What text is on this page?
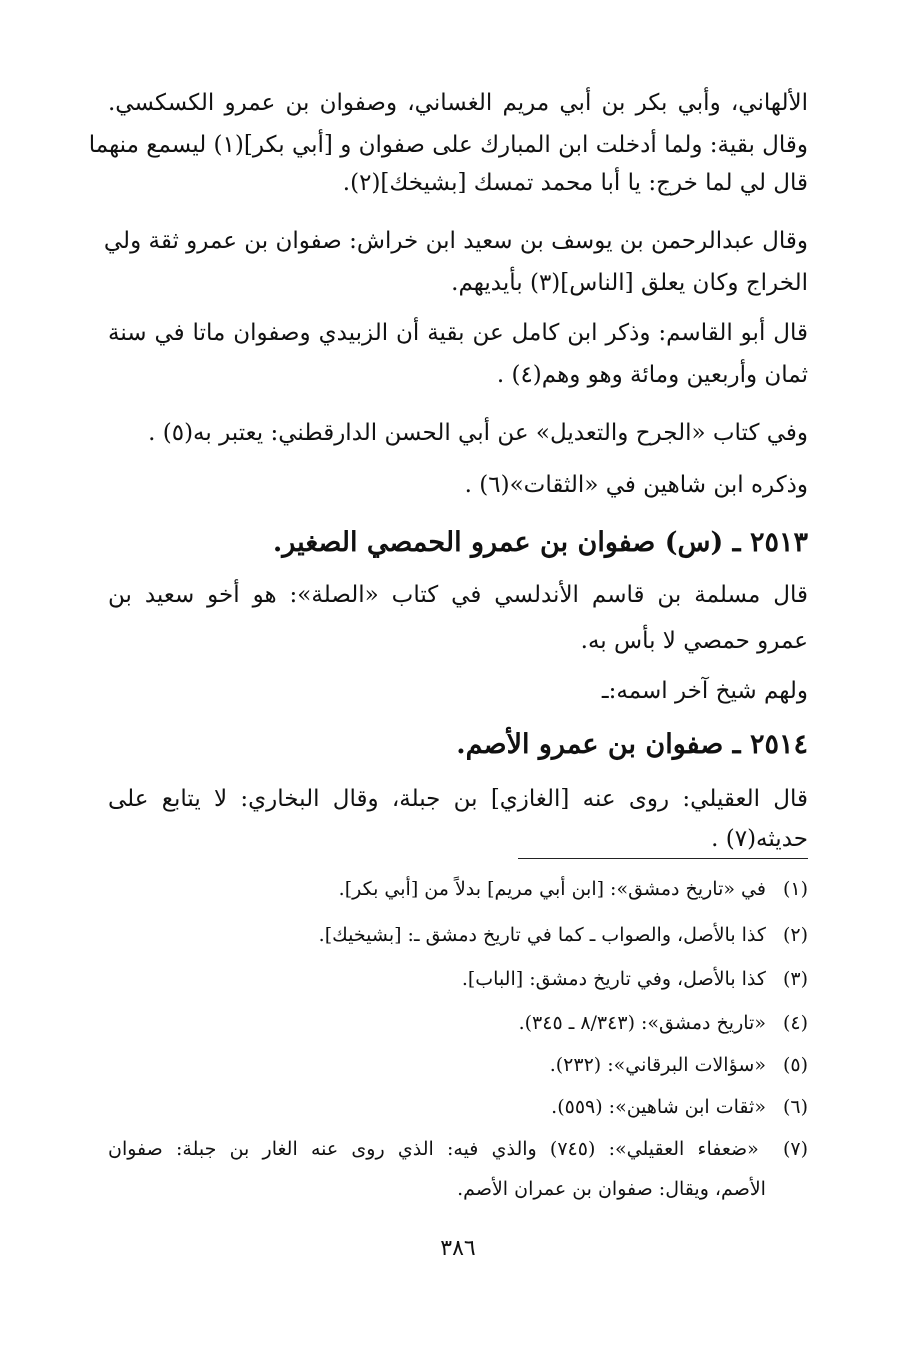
الألهاني، وأبي بكر بن أبي مريم الغساني، وصفوان بن عمرو الكسكسي.
وقال بقية: ولما أدخلت ابن المبارك على صفوان و [أبي بكر](١) ليسمع منهما
قال لي لما خرج: يا أبا محمد تمسك [بشيخك](٢).
وقال عبدالرحمن بن يوسف بن سعيد ابن خراش: صفوان بن عمرو ثقة ولي
الخراج وكان يعلق [الناس](٣) بأيديهم.
قال أبو القاسم: وذكر ابن كامل عن بقية أن الزبيدي وصفوان ماتا في سنة
ثمان وأربعين ومائة وهو وهم(٤) .
وفي كتاب «الجرح والتعديل» عن أبي الحسن الدارقطني: يعتبر به(٥) .
وذكره ابن شاهين في «الثقات»(٦) .
٢٥١٣ ـ (س) صفوان بن عمرو الحمصي الصغير.
قال مسلمة بن قاسم الأندلسي في كتاب «الصلة»: هو أخو سعيد بن
عمرو حمصي لا بأس به.
ولهم شيخ آخر اسمه:ـ
٢٥١٤ ـ صفوان بن عمرو الأصم.
قال العقيلي: روى عنه [الغازي] بن جبلة، وقال البخاري: لا يتابع على
حديثه(٧) .
(١) في «تاريخ دمشق»: [ابن أبي مريم] بدلاً من [أبي بكر].
(٢) كذا بالأصل، والصواب ـ كما في تاريخ دمشق ـ: [بشيخيك].
(٣) كذا بالأصل، وفي تاريخ دمشق: [الباب].
(٤) «تاريخ دمشق»: (٨/٣٤٣ ـ ٣٤٥).
(٥) «سؤالات البرقاني»: (٢٣٢).
(٦) «ثقات ابن شاهين»: (٥٥٩).
(٧) «ضعفاء العقيلي»: (٧٤٥) والذي فيه: الذي روى عنه الغار بن جبلة: صفوان
الأصم، ويقال: صفوان بن عمران الأصم.
٣٨٦
